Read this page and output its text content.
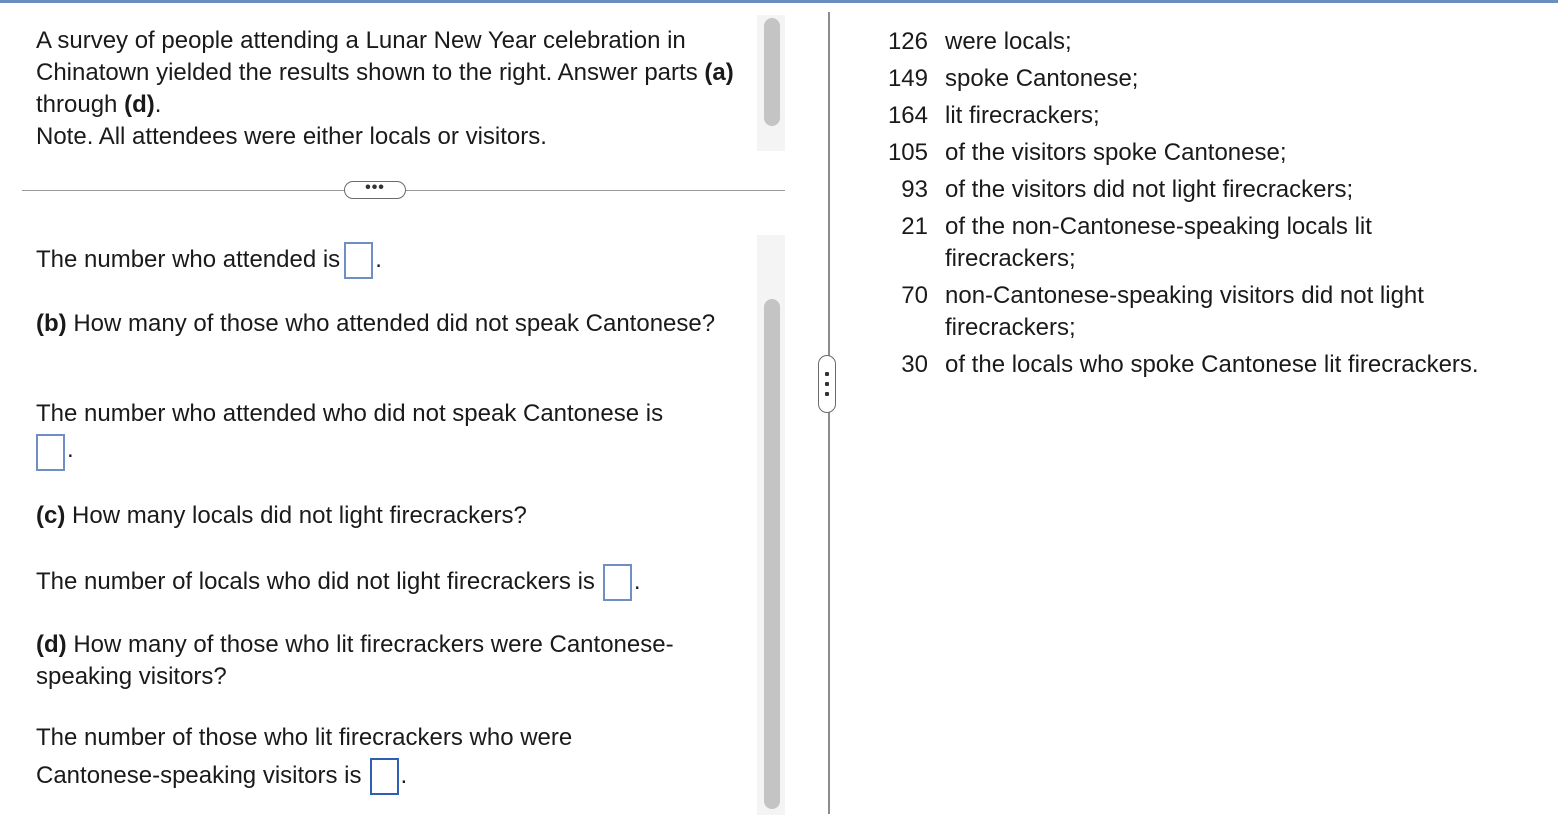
A survey of people attending a Lunar New Year celebration in Chinatown yielded the results shown to the right. Answer parts (a) through (d).
Note. All attendees were either locals or visitors.
•••
The number who attended is .
(b) How many of those who attended did not speak Cantonese?
The number who attended who did not speak Cantonese is
.
(c) How many locals did not light firecrackers?
The number of locals who did not light firecrackers is .
(d) How many of those who lit firecrackers were Cantonese-speaking visitors?
The number of those who lit firecrackers who were
Cantonese-speaking visitors is .
126 were locals;
149 spoke Cantonese;
164 lit firecrackers;
105 of the visitors spoke Cantonese;
93 of the visitors did not light firecrackers;
21 of the non-Cantonese-speaking locals lit firecrackers;
70 non-Cantonese-speaking visitors did not light firecrackers;
30 of the locals who spoke Cantonese lit firecrackers.
